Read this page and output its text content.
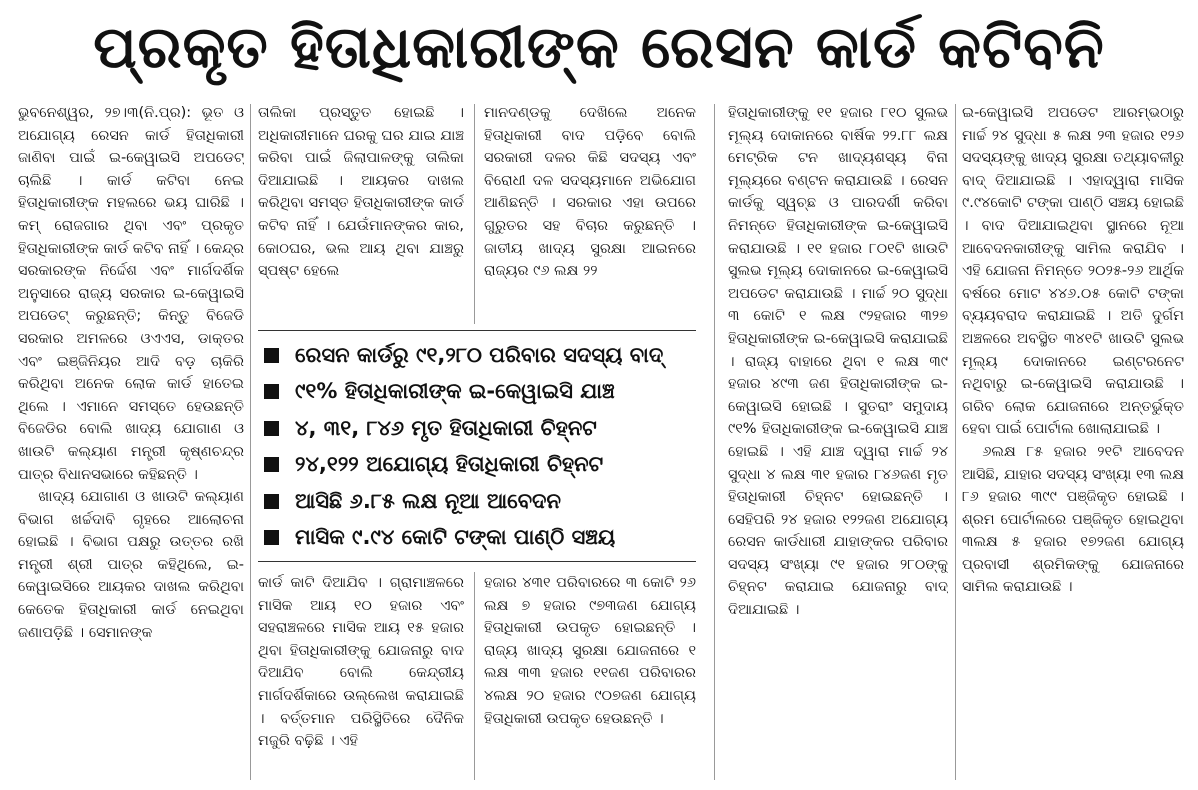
ପ୍ରକୃତ ହିତାଧିକାରୀଙ୍କ ରେସନ କାର୍ଡ କଟିବନି

ଭୁବନେଶ୍ୱର, ୨୭।୩(ନି.ପ୍ର): ଭୂତ ଓ ଅଯୋଗ୍ୟ ରେସନ କାର୍ଡ ହିତାଧିକାରୀ ଜାଣିବା ପାଇଁ ଇ-କେୱାଇସି ଅପଡେଟ୍ ଚାଲିଛି । କାର୍ଡ କଟିବା ନେଇ ହିତାଧିକାରୀଙ୍କ ମହଲରେ ଭୟ ଘାରିଛି । କମ୍ ରୋଜଗାର ଥିବା ଏବଂ ପ୍ରକୃତ ହିତାଧିକାରୀଙ୍କ କାର୍ଡ କଟିବ ନାହିଁ । କେନ୍ଦ୍ର ସରକାରଙ୍କ ନିର୍ଦ୍ଦେଶ ଏବଂ ମାର୍ଗଦର୍ଶିକ ଅନୁସାରେ ରାଜ୍ୟ ସରକାର ଇ-କେୱାଇସି ଅପଡେଟ୍ କରୁଛନ୍ତି; କିନ୍ତୁ ବିଜେଡି ସରକାର ଅମଳରେ ଓଏଏସ, ଡାକ୍ତର ଏବଂ ଇଞ୍ଜିନିୟର ଆଦି ବଡ଼ ଚାକିରି କରିଥିବା ଅନେକ ଲୋକ କାର୍ଡ ହାତେଇ ଥିଲେ । ଏମାନେ ସମସ୍ତେ ହେଉଛନ୍ତି ବିଜେଡିର ବୋଲି ଖାଦ୍ୟ ଯୋଗାଣ ଓ ଖାଉଟି କଲ୍ୟାଣ ମନ୍ତ୍ରୀ କୃଷ୍ଣଚନ୍ଦ୍ର ପାତ୍ର ବିଧାନସଭାରେ କହିଛନ୍ତି ।

ଖାଦ୍ୟ ଯୋଗାଣ ଓ ଖାଉଟି କଲ୍ୟାଣ ବିଭାଗ ଖର୍ଚ୍ଚଦାବି ଗୃହରେ ଆଲୋଚନା ହୋଇଛି । ବିଭାଗ ପକ୍ଷରୁ ଉତ୍ତର ରଖି ମନ୍ତ୍ରୀ ଶ୍ରୀ ପାତ୍ର କହିଥିଲେ, ଇ-କେୱାଇସିରେ ଆୟକର ଦାଖଲ କରିଥିବା କେତେକ ହିତାଧିକାରୀ କାର୍ଡ ନେଇଥିବା ଜଣାପଡ଼ିଛି । ସେମାନଙ୍କ

ତାଲିକା ପ୍ରସ୍ତୁତ ହୋଇଛି । ଅଧିକାରୀମାନେ ଘରକୁ ଘର ଯାଇ ଯାଞ୍ଚ କରିବା ପାଇଁ ଜିଲାପାଳଙ୍କୁ ତାଲିକା ଦିଆଯାଇଛି । ଆୟକର ଦାଖଲ କରିଥିବା ସମସ୍ତ ହିତାଧିକାରୀଙ୍କ କାର୍ଡ କଟିବ ନାହିଁ । ଯେଉଁମାନଙ୍କର କାର, କୋଠଘର, ଭଲ ଆୟ ଥିବା ଯାଞ୍ଚରୁ ସ୍ପଷ୍ଟ ହେଲେ

ମାନଦଣ୍ଡକୁ ଦେଖିଲେ ଅନେକ ହିତାଧିକାରୀ ବାଦ ପଡ଼ିବେ ବୋଲି ସରକାରୀ ଦଳର କିଛି ସଦସ୍ୟ ଏବଂ ବିରୋଧୀ ଦଳ ସଦସ୍ୟମାନେ ଅଭିଯୋଗ ଆଣିଛନ୍ତି । ସରକାର ଏହା ଉପରେ ଗୁରୁତର ସହ ବିଚାର କରୁଛନ୍ତି । ଜାତୀୟ ଖାଦ୍ୟ ସୁରକ୍ଷା ଆଇନରେ ରାଜ୍ୟର ୯୬ ଲକ୍ଷ ୨୨

ରେସନ କାର୍ଡରୁ ୯୧,୨୮୦ ପରିବାର ସଦସ୍ୟ ବାଦ୍
୯୧% ହିତାଧିକାରୀଙ୍କ ଇ-କେୱାଇସି ଯାଞ୍ଚ
୪, ୩୧, ୮୪୬ ମୃତ ହିତାଧିକାରୀ ଚିହ୍ନଟ
୨୪,୧୨୨ ଅଯୋଗ୍ୟ ହିତାଧିକାରୀ ଚିହ୍ନଟ
ଆସିଛି ୬.୮୫ ଲକ୍ଷ ନୂଆ ଆବେଦନ
ମାସିକ ୯.୯୪ କୋଟି ଟଙ୍କା ପାଣ୍ଠି ସଞ୍ଚୟ

କାର୍ଡ କାଟି ଦିଆଯିବ । ଗ୍ରାମାଞ୍ଚଳରେ ମାସିକ ଆୟ ୧୦ ହଜାର ଏବଂ ସହରାଞ୍ଚଳରେ ମାସିକ ଆୟ ୧୫ ହଜାର ଥିବା ହିତାଧିକାରୀଙ୍କୁ ଯୋଜନାରୁ ବାଦ ଦିଆଯିବ ବୋଲି କେନ୍ଦ୍ରୀୟ ମାର୍ଗଦର୍ଶିକାରେ ଉଲ୍ଲେଖ କରାଯାଇଛି । ବର୍ତ୍ତମାନ ପରିସ୍ଥିତିରେ ଦୈନିକ ମଜୁରି ବଢ଼ିଛି । ଏହି

ହଜାର ୪୩୧ ପରିବାରରେ ୩ କୋଟି ୨୬ ଲକ୍ଷ ୭ ହଜାର ୯୭୩ଜଣ ଯୋଗ୍ୟ ହିତାଧିକାରୀ ଉପକୃତ ହୋଇଛନ୍ତି । ରାଜ୍ୟ ଖାଦ୍ୟ ସୁରକ୍ଷା ଯୋଜନାରେ ୧ ଲକ୍ଷ ୩୩ ହଜାର ୧୧ଜଣ ପରିବାରର ୪ଲକ୍ଷ ୨୦ ହଜାର ୯୦୭ଜଣ ଯୋଗ୍ୟ ହିତାଧିକାରୀ ଉପକୃତ ହେଉଛନ୍ତି ।

ହିତାଧିକାରୀଙ୍କୁ ୧୧ ହଜାର ୮୧୦ ସୁଲଭ ମୂଲ୍ୟ ଦୋକାନରେ ବାର୍ଷିକ ୨୨.୮୮ ଲକ୍ଷ ମେଟ୍ରିକ ଟନ ଖାଦ୍ୟଶସ୍ୟ ବିନା ମୂଲ୍ୟରେ ବଣ୍ଟନ କରାଯାଉଛି । ରେସନ କାର୍ଡକୁ ସ୍ୱଚ୍ଛ ଓ ପାରଦର୍ଶୀ କରିବା ନିମନ୍ତେ ହିତାଧିକାରୀଙ୍କ ଇ-କେୱାଇସି କରାଯାଉଛି । ୧୧ ହଜାର ୮୦୧ଟି ଖାଉଟି ସୁଲଭ ମୂଲ୍ୟ ଦୋକାନରେ ଇ-କେୱାଇସି ଅପଡେଟ କରାଯାଉଛି । ମାର୍ଚ୍ଚ ୨୦ ସୁଦ୍ଧା ୩ କୋଟି ୧ ଲକ୍ଷ ୯୨ହଜାର ୩୨୭ ହିତାଧିକାରୀଙ୍କ ଇ-କେୱାଇସି କରାଯାଇଛି । ରାଜ୍ୟ ବାହାରେ ଥିବା ୧ ଲକ୍ଷ ୩୯ ହଜାର ୪୯୩ ଜଣ ହିତାଧିକାରୀଙ୍କ ଇ-କେୱାଇସି ହୋଇଛି । ସୁତରାଂ ସମୁଦାୟ ୯୧% ହିତାଧିକାରୀଙ୍କ ଇ-କେୱାଇସି ଯାଞ୍ଚ ହୋଇଛି । ଏହି ଯାଞ୍ଚ ଦ୍ୱାରା ମାର୍ଚ୍ଚ ୨୪ ସୁଦ୍ଧା ୪ ଲକ୍ଷ ୩୧ ହଜାର ୮୪୬ଜଣ ମୃତ ହିତାଧିକାରୀ ଚିହ୍ନଟ ହୋଇଛନ୍ତି । ସେହିପରି ୨୪ ହଜାର ୧୨୨ଜଣ ଅଯୋଗ୍ୟ ରେସନ କାର୍ଡଧାରୀ ଯାହାଙ୍କର ପରିବାର ସଦସ୍ୟ ସଂଖ୍ୟା ୯୧ ହଜାର ୨୮୦ଙ୍କୁ ଚିହ୍ନଟ କରାଯାଇ ଯୋଜନାରୁ ବାଦ୍ ଦିଆଯାଇଛି ।

ଇ-କେୱାଇସି ଅପଡେଟ ଆରମ୍ଭଠାରୁ ମାର୍ଚ୍ଚ ୨୪ ସୁଦ୍ଧା ୫ ଲକ୍ଷ ୨୩ ହଜାର ୧୨୬ ସଦସ୍ୟଙ୍କୁ ଖାଦ୍ୟ ସୁରକ୍ଷା ତଥ୍ୟାବଳୀରୁ ବାଦ୍ ଦିଆଯାଇଛି । ଏହାଦ୍ୱାରା ମାସିକ ୯.୯୪କୋଟି ଟଙ୍କା ପାଣ୍ଠି ସଞ୍ଚୟ ହୋଇଛି । ବାଦ ଦିଆଯାଇଥିବା ସ୍ଥାନରେ ନୂଆ ଆବେଦନକାରୀଙ୍କୁ ସାମିଲ କରାଯିବ । ଏହି ଯୋଜନା ନିମନ୍ତେ ୨୦୨୫-୨୬ ଆର୍ଥିକ ବର୍ଷରେ ମୋଟ ୪୪୬.୦୫ କୋଟି ଟଙ୍କା ବ୍ୟୟବରାଦ କରାଯାଇଛି । ଅତି ଦୁର୍ଗମ ଅଞ୍ଚଳରେ ଅବସ୍ଥିତ ୩୪୧ଟି ଖାଉଟି ସୁଲଭ ମୂଲ୍ୟ ଦୋକାନରେ ଇଣ୍ଟରନେଟ ନଥିବାରୁ ଇ-କେୱାଇସି କରାଯାଉଛି । ଗରିବ ଲୋକ ଯୋଜନାରେ ଅନ୍ତର୍ଭୁକ୍ତ ହେବା ପାଇଁ ପୋର୍ଟାଲ ଖୋଲାଯାଇଛି ।

୬ଲକ୍ଷ ୮୫ ହଜାର ୨୧ଟି ଆବେଦନ ଆସିଛି, ଯାହାର ସଦସ୍ୟ ସଂଖ୍ୟା ୧୩ ଲକ୍ଷ ୮୬ ହଜାର ୩୯୯ ପଞ୍ଜିକୃତ ହୋଇଛି । ଶ୍ରମ ପୋର୍ଟାଲରେ ପଞ୍ଜିକୃତ ହୋଇଥିବା ୩ଲକ୍ଷ ୫ ହଜାର ୧୭୨ଜଣ ଯୋଗ୍ୟ ପ୍ରବାସୀ ଶ୍ରମିକଙ୍କୁ ଯୋଜନାରେ ସାମିଲ କରାଯାଉଛି ।
